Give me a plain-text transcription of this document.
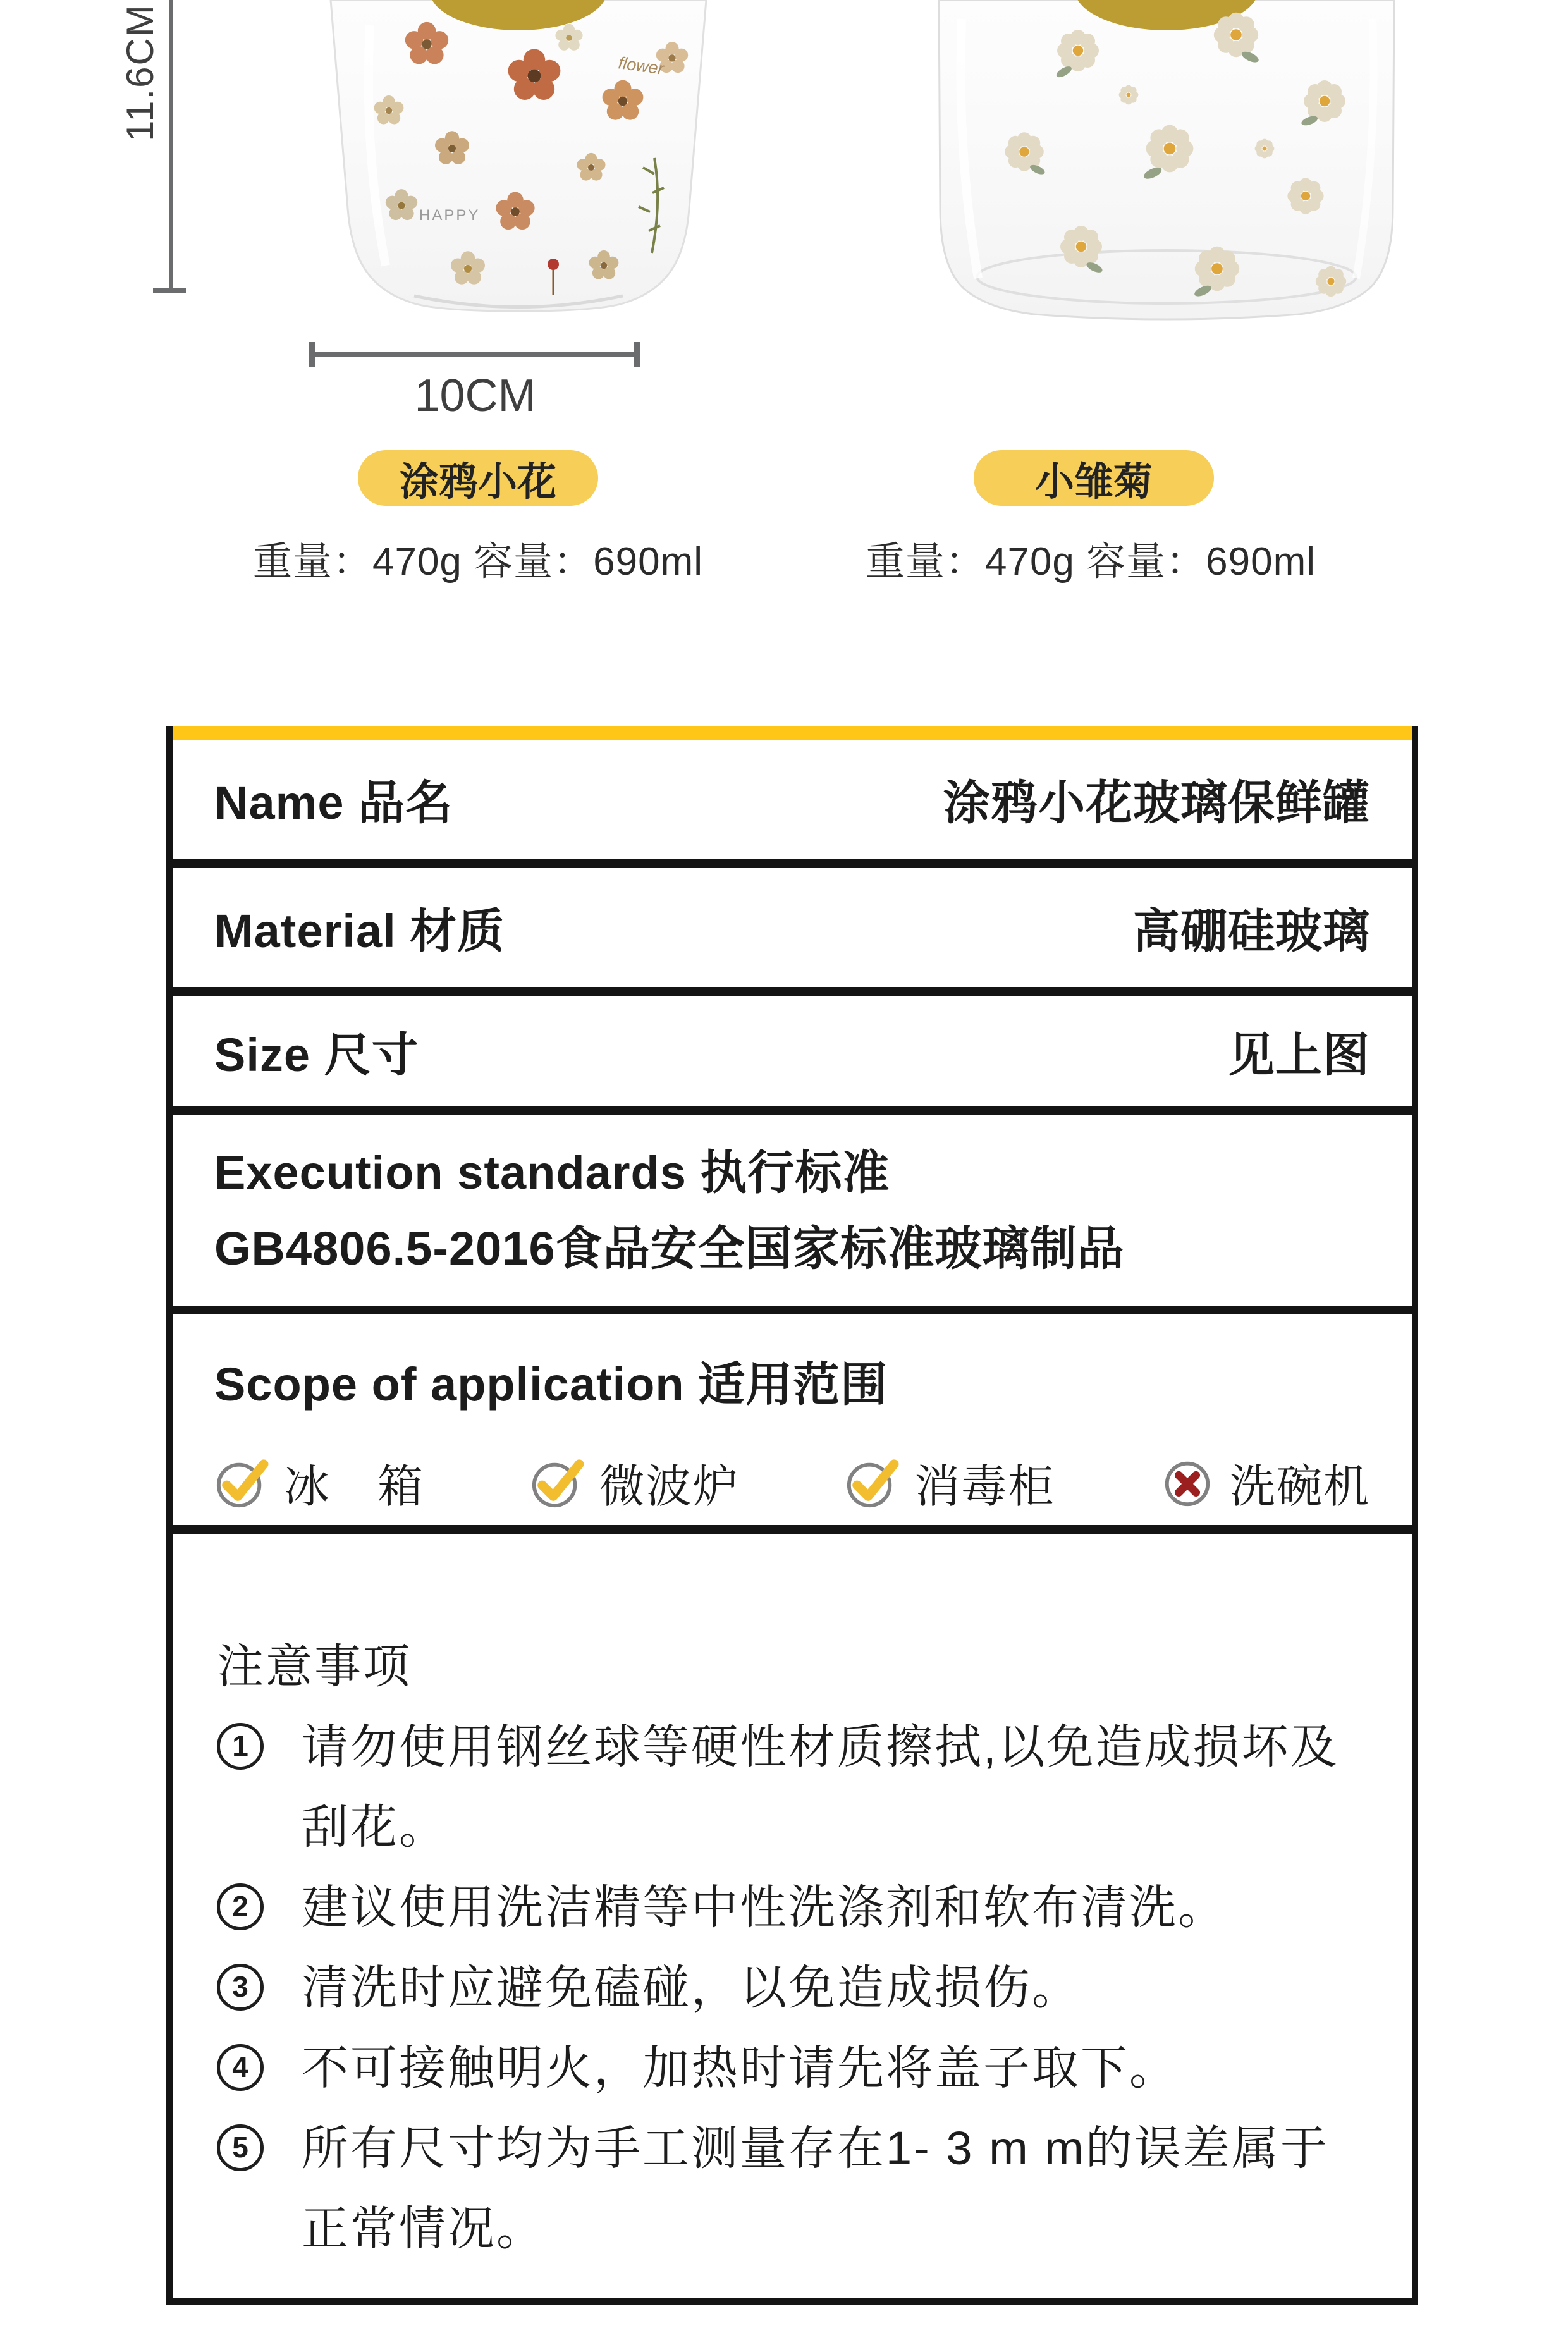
flower
HAPPY
11.6CM
10CM
涂鸦小花	小雏菊
重量：470g 容量：690ml	重量：470g 容量：690ml
Name 品名	涂鸦小花玻璃保鲜罐
Material 材质	高硼硅玻璃
Size 尺寸	见上图
Execution standards 执行标准
GB4806.5-2016食品安全国家标准玻璃制品
Scope of application 适用范围
冰　箱	微波炉	消毒柜	洗碗机
注意事项
1	请勿使用钢丝球等硬性材质擦拭,以免造成损坏及刮花。
2	建议使用洗洁精等中性洗涤剂和软布清洗。
3	清洗时应避免磕碰，以免造成损伤。
4	不可接触明火，加热时请先将盖子取下。
5	所有尺寸均为手工测量存在1- 3 m m的误差属于正常情况。
